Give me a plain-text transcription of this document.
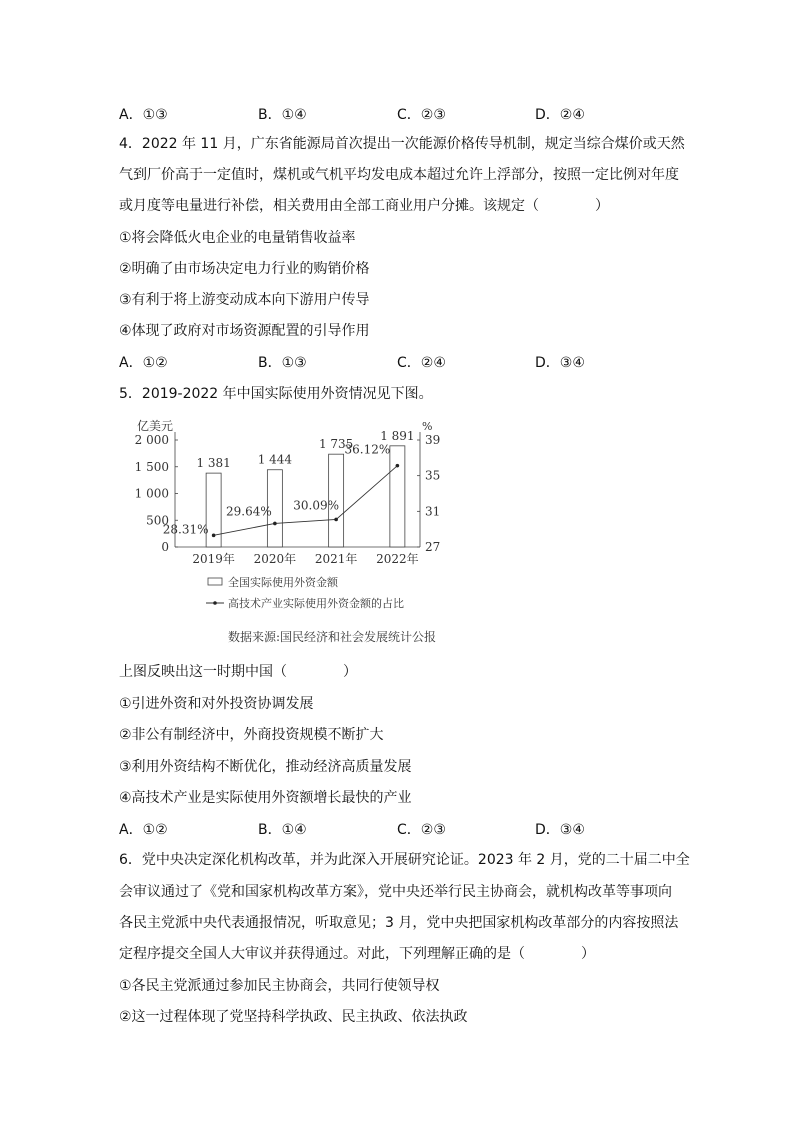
A．①③	B．①④	C．②③	D．②④
4．2022 年 11 月，广东省能源局首次提出一次能源价格传导机制，规定当综合煤价或天然
气到厂价高于一定值时，煤机或气机平均发电成本超过允许上浮部分，按照一定比例对年度
或月度等电量进行补偿，相关费用由全部工商业用户分摊。该规定（　　　　）
①将会降低火电企业的电量销售收益率
②明确了由市场决定电力行业的购销价格
③有利于将上游变动成本向下游用户传导
④体现了政府对市场资源配置的引导作用
A．①②	B．①③	C．②④	D．③④
5．2019-2022 年中国实际使用外资情况见下图。
亿美元	%
0
500
1 000
1 500
2 000
27
31
35
39
1 381
2019年
1 444
2020年
1 735
2021年
1 891
2022年
28.31%
29.64% 30.09%
36.12%
全国实际使用外资金额
高技术产业实际使用外资金额的占比
数据来源:国民经济和社会发展统计公报
上图反映出这一时期中国（　　　　）
①引进外资和对外投资协调发展
②非公有制经济中，外商投资规模不断扩大
③利用外资结构不断优化，推动经济高质量发展
④高技术产业是实际使用外资额增长最快的产业
A．①②	B．①④	C．②③	D．③④
6．党中央决定深化机构改革，并为此深入开展研究论证。2023 年 2 月，党的二十届二中全
会审议通过了《党和国家机构改革方案》，党中央还举行民主协商会，就机构改革等事项向
各民主党派中央代表通报情况，听取意见；3 月，党中央把国家机构改革部分的内容按照法
定程序提交全国人大审议并获得通过。对此，下列理解正确的是（　　　　）
①各民主党派通过参加民主协商会，共同行使领导权
②这一过程体现了党坚持科学执政、民主执政、依法执政
